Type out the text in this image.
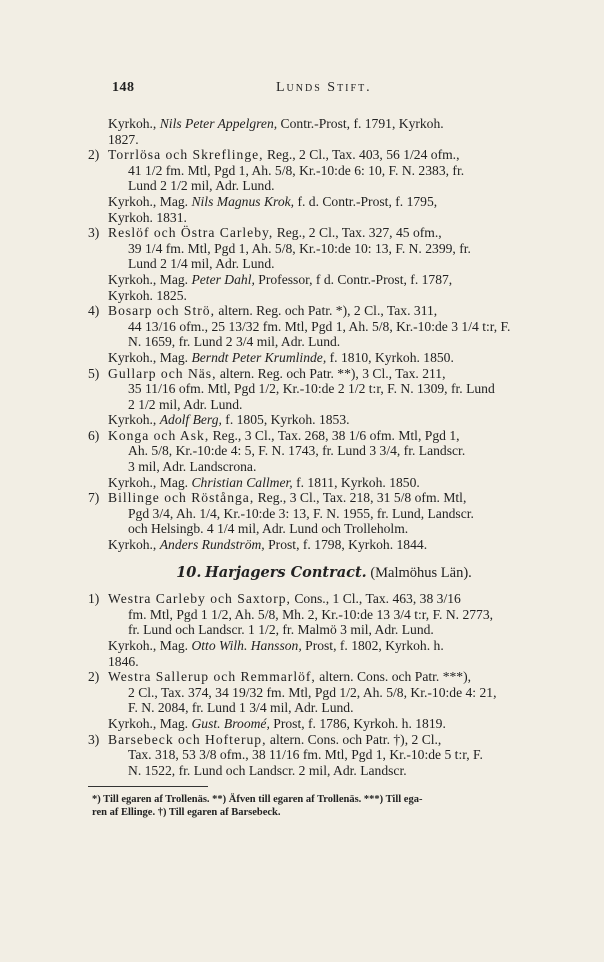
148	Lunds Stift.
Kyrkoh., Nils Peter Appelgren, Contr.-Prost, f. 1791, Kyrkoh.
1827.
2) Torrlösa och Skreflinge, Reg., 2 Cl., Tax. 403, 56 1/24 ofm.,
41 1/2 fm. Mtl, Pgd 1, Ah. 5/8, Kr.-10:de 6: 10, F. N. 2383, fr.
Lund 2 1/2 mil, Adr. Lund.
Kyrkoh., Mag. Nils Magnus Krok, f. d. Contr.-Prost, f. 1795,
Kyrkoh. 1831.
3) Reslöf och Östra Carleby, Reg., 2 Cl., Tax. 327, 45 ofm.,
39 1/4 fm. Mtl, Pgd 1, Ah. 5/8, Kr.-10:de 10: 13, F. N. 2399, fr.
Lund 2 1/4 mil, Adr. Lund.
Kyrkoh., Mag. Peter Dahl, Professor, f d. Contr.-Prost, f. 1787,
Kyrkoh. 1825.
4) Bosarp och Strö, altern. Reg. och Patr. *), 2 Cl., Tax. 311,
44 13/16 ofm., 25 13/32 fm. Mtl, Pgd 1, Ah. 5/8, Kr.-10:de 3 1/4 t:r, F.
N. 1659, fr. Lund 2 3/4 mil, Adr. Lund.
Kyrkoh., Mag. Berndt Peter Krumlinde, f. 1810, Kyrkoh. 1850.
5) Gullarp och Näs, altern. Reg. och Patr. **), 3 Cl., Tax. 211,
35 11/16 ofm. Mtl, Pgd 1/2, Kr.-10:de 2 1/2 t:r, F. N. 1309, fr. Lund
2 1/2 mil, Adr. Lund.
Kyrkoh., Adolf Berg, f. 1805, Kyrkoh. 1853.
6) Konga och Ask, Reg., 3 Cl., Tax. 268, 38 1/6 ofm. Mtl, Pgd 1,
Ah. 5/8, Kr.-10:de 4: 5, F. N. 1743, fr. Lund 3 3/4, fr. Landscr.
3 mil, Adr. Landscrona.
Kyrkoh., Mag. Christian Callmer, f. 1811, Kyrkoh. 1850.
7) Billinge och Röstånga, Reg., 3 Cl., Tax. 218, 31 5/8 ofm. Mtl,
Pgd 3/4, Ah. 1/4, Kr.-10:de 3: 13, F. N. 1955, fr. Lund, Landscr.
och Helsingb. 4 1/4 mil, Adr. Lund och Trolleholm.
Kyrkoh., Anders Rundström, Prost, f. 1798, Kyrkoh. 1844.
10. Harjagers Contract. (Malmöhus Län).
1) Westra Carleby och Saxtorp, Cons., 1 Cl., Tax. 463, 38 3/16
fm. Mtl, Pgd 1 1/2, Ah. 5/8, Mh. 2, Kr.-10:de 13 3/4 t:r, F. N. 2773,
fr. Lund och Landscr. 1 1/2, fr. Malmö 3 mil, Adr. Lund.
Kyrkoh., Mag. Otto Wilh. Hansson, Prost, f. 1802, Kyrkoh. h.
1846.
2) Westra Sallerup och Remmarlöf, altern. Cons. och Patr. ***),
2 Cl., Tax. 374, 34 19/32 fm. Mtl, Pgd 1/2, Ah. 5/8, Kr.-10:de 4: 21,
F. N. 2084, fr. Lund 1 3/4 mil, Adr. Lund.
Kyrkoh., Mag. Gust. Broomé, Prost, f. 1786, Kyrkoh. h. 1819.
3) Barsebeck och Hofterup, altern. Cons. och Patr. †), 2 Cl.,
Tax. 318, 53 3/8 ofm., 38 11/16 fm. Mtl, Pgd 1, Kr.-10:de 5 t:r, F.
N. 1522, fr. Lund och Landscr. 2 mil, Adr. Landscr.
*) Till egaren af Trollenäs. **) Äfven till egaren af Trollenäs. ***) Till ega-
ren af Ellinge. †) Till egaren af Barsebeck.
